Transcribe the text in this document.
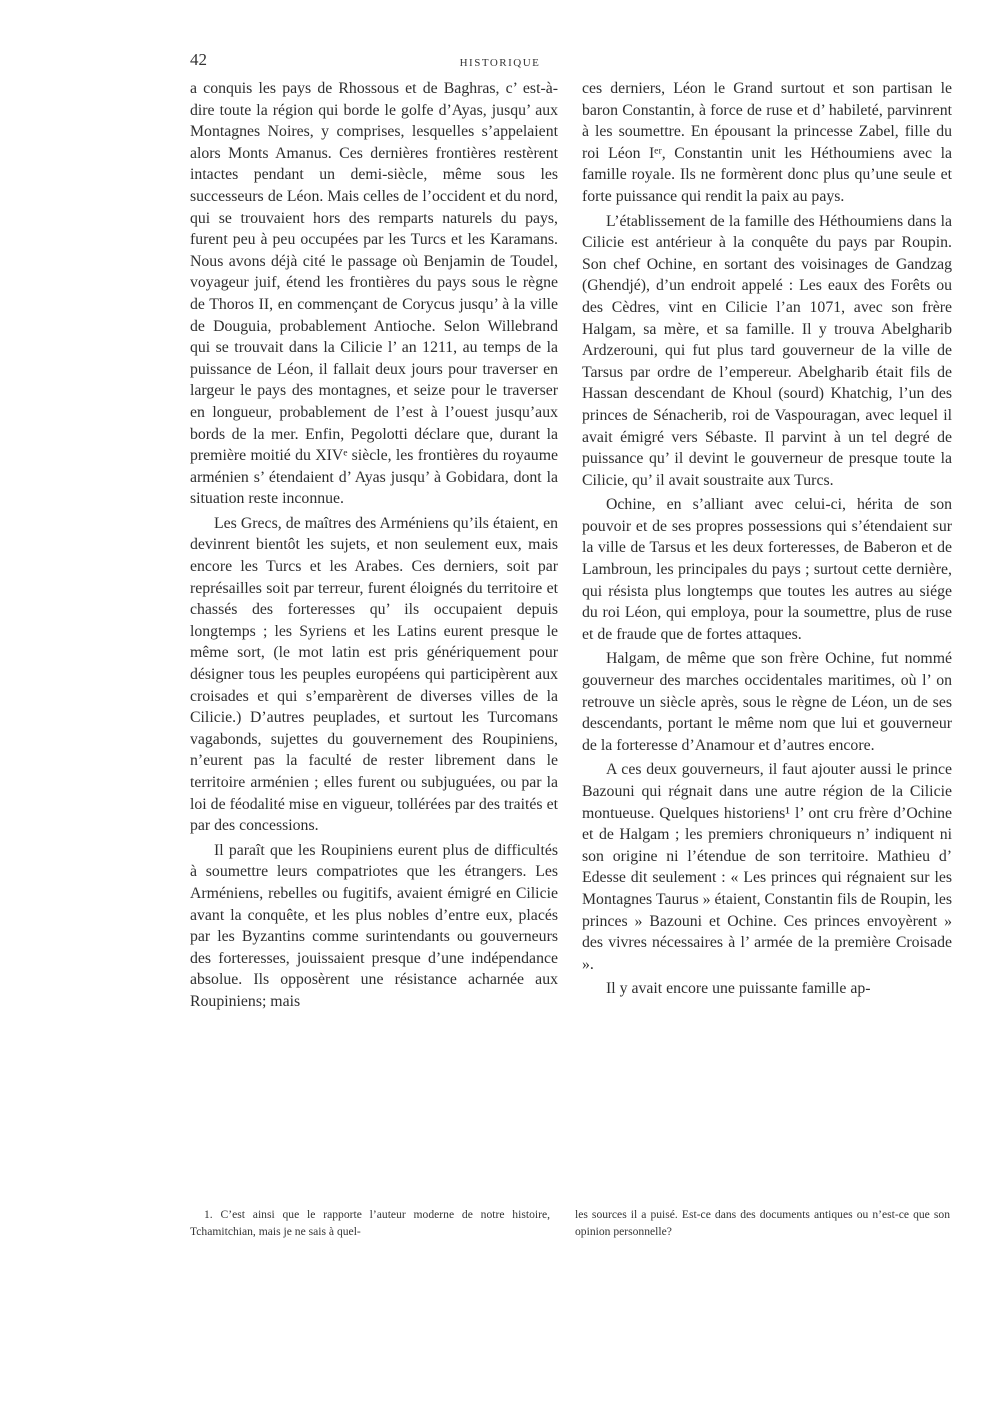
42	HISTORIQUE

a conquis les pays de Rhossous et de Baghras, c’ est-à-dire toute la région qui borde le golfe d’Ayas, jusqu’ aux Montagnes Noires, y comprises, lesquelles s’appelaient alors Monts Amanus. Ces dernières frontières restèrent intactes pendant un demi-siècle, même sous les successeurs de Léon. Mais celles de l’occident et du nord, qui se trouvaient hors des remparts naturels du pays, furent peu à peu occupées par les Turcs et les Karamans. Nous avons déjà cité le passage où Benjamin de Toudel, voyageur juif, étend les frontières du pays sous le règne de Thoros II, en commençant de Corycus jusqu’ à la ville de Douguia, probablement Antioche. Selon Willebrand qui se trouvait dans la Cilicie l’ an 1211, au temps de la puissance de Léon, il fallait deux jours pour traverser en largeur le pays des montagnes, et seize pour le traverser en longueur, probablement de l’est à l’ouest jusqu’aux bords de la mer. Enfin, Pegolotti déclare que, durant la première moitié du XIVᵉ siècle, les frontières du royaume arménien s’ étendaient d’ Ayas jusqu’ à Gobidara, dont la situation reste inconnue.

Les Grecs, de maîtres des Arméniens qu’ils étaient, en devinrent bientôt les sujets, et non seulement eux, mais encore les Turcs et les Arabes. Ces derniers, soit par représailles soit par terreur, furent éloignés du territoire et chassés des forteresses qu’ ils occupaient depuis longtemps ; les Syriens et les Latins eurent presque le même sort, (le mot latin est pris génériquement pour désigner tous les peuples européens qui participèrent aux croisades et qui s’emparèrent de diverses villes de la Cilicie.) D’autres peuplades, et surtout les Turcomans vagabonds, sujettes du gouvernement des Roupiniens, n’eurent pas la faculté de rester librement dans le territoire arménien ; elles furent ou subjuguées, ou par la loi de féodalité mise en vigueur, tollérées par des traités et par des concessions.

Il paraît que les Roupiniens eurent plus de difficultés à soumettre leurs compatriotes que les étrangers. Les Arméniens, rebelles ou fugitifs, avaient émigré en Cilicie avant la conquête, et les plus nobles d’entre eux, placés par les Byzantins comme surintendants ou gouverneurs des forteresses, jouissaient presque d’une indépendance absolue. Ils opposèrent une résistance acharnée aux Roupiniens; mais

ces derniers, Léon le Grand surtout et son partisan le baron Constantin, à force de ruse et d’ habileté, parvinrent à les soumettre. En épousant la princesse Zabel, fille du roi Léon Iᵉʳ, Constantin unit les Héthoumiens avec la famille royale. Ils ne formèrent donc plus qu’une seule et forte puissance qui rendit la paix au pays.

L’établissement de la famille des Héthoumiens dans la Cilicie est antérieur à la conquête du pays par Roupin. Son chef Ochine, en sortant des voisinages de Gandzag (Ghendjé), d’un endroit appelé : Les eaux des Forêts ou des Cèdres, vint en Cilicie l’an 1071, avec son frère Halgam, sa mère, et sa famille. Il y trouva Abelgharib Ardzerouni, qui fut plus tard gouverneur de la ville de Tarsus par ordre de l’empereur. Abelgharib était fils de Hassan descendant de Khoul (sourd) Khatchig, l’un des princes de Sénacherib, roi de Vaspouragan, avec lequel il avait émigré vers Sébaste. Il parvint à un tel degré de puissance qu’ il devint le gouverneur de presque toute la Cilicie, qu’ il avait soustraite aux Turcs.

Ochine, en s’alliant avec celui-ci, hérita de son pouvoir et de ses propres possessions qui s’étendaient sur la ville de Tarsus et les deux forteresses, de Baberon et de Lambroun, les principales du pays ; surtout cette dernière, qui résista plus longtemps que toutes les autres au siége du roi Léon, qui employa, pour la soumettre, plus de ruse et de fraude que de fortes attaques.

Halgam, de même que son frère Ochine, fut nommé gouverneur des marches occidentales maritimes, où l’ on retrouve un siècle après, sous le règne de Léon, un de ses descendants, portant le même nom que lui et gouverneur de la forteresse d’Anamour et d’autres encore.

A ces deux gouverneurs, il faut ajouter aussi le prince Bazouni qui régnait dans une autre région de la Cilicie montueuse. Quelques historiens¹ l’ ont cru frère d’Ochine et de Halgam ; les premiers chroniqueurs n’ indiquent ni son origine ni l’étendue de son territoire. Mathieu d’ Edesse dit seulement : « Les princes qui régnaient sur les Montagnes Taurus » étaient, Constantin fils de Roupin, les princes » Bazouni et Ochine. Ces princes envoyèrent » des vivres nécessaires à l’ armée de la première Croisade ».

Il y avait encore une puissante famille ap-

1. C’est ainsi que le rapporte l’auteur moderne de notre histoire, Tchamitchian, mais je ne sais à quel-
les sources il a puisé. Est-ce dans des documents antiques ou n’est-ce que son opinion personnelle?
